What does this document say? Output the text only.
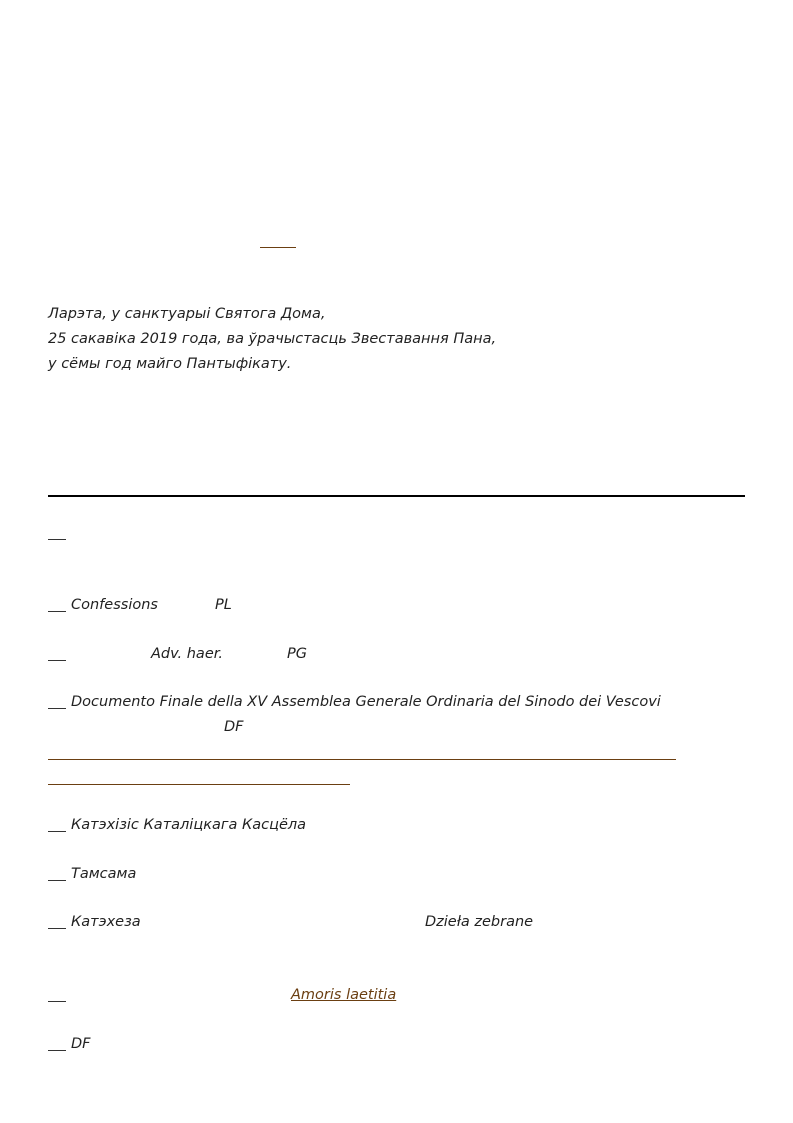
Ларэта, у санктуарыі Святога Дома,
25 сакавіка 2019 года, ва ўрачыстасць Звеставання Пана,
у сёмы год майго Пантыфікату.
Confessions	PL
Adv. haer.	PG
Documento Finale della XV Assemblea Generale Ordinaria del Sinodo dei Vescovi
DF
Катэхізіс Каталіцкага Касцёла
Тамсама
Катэхеза	Dzieła zebrane
Amoris laetitia
DF
